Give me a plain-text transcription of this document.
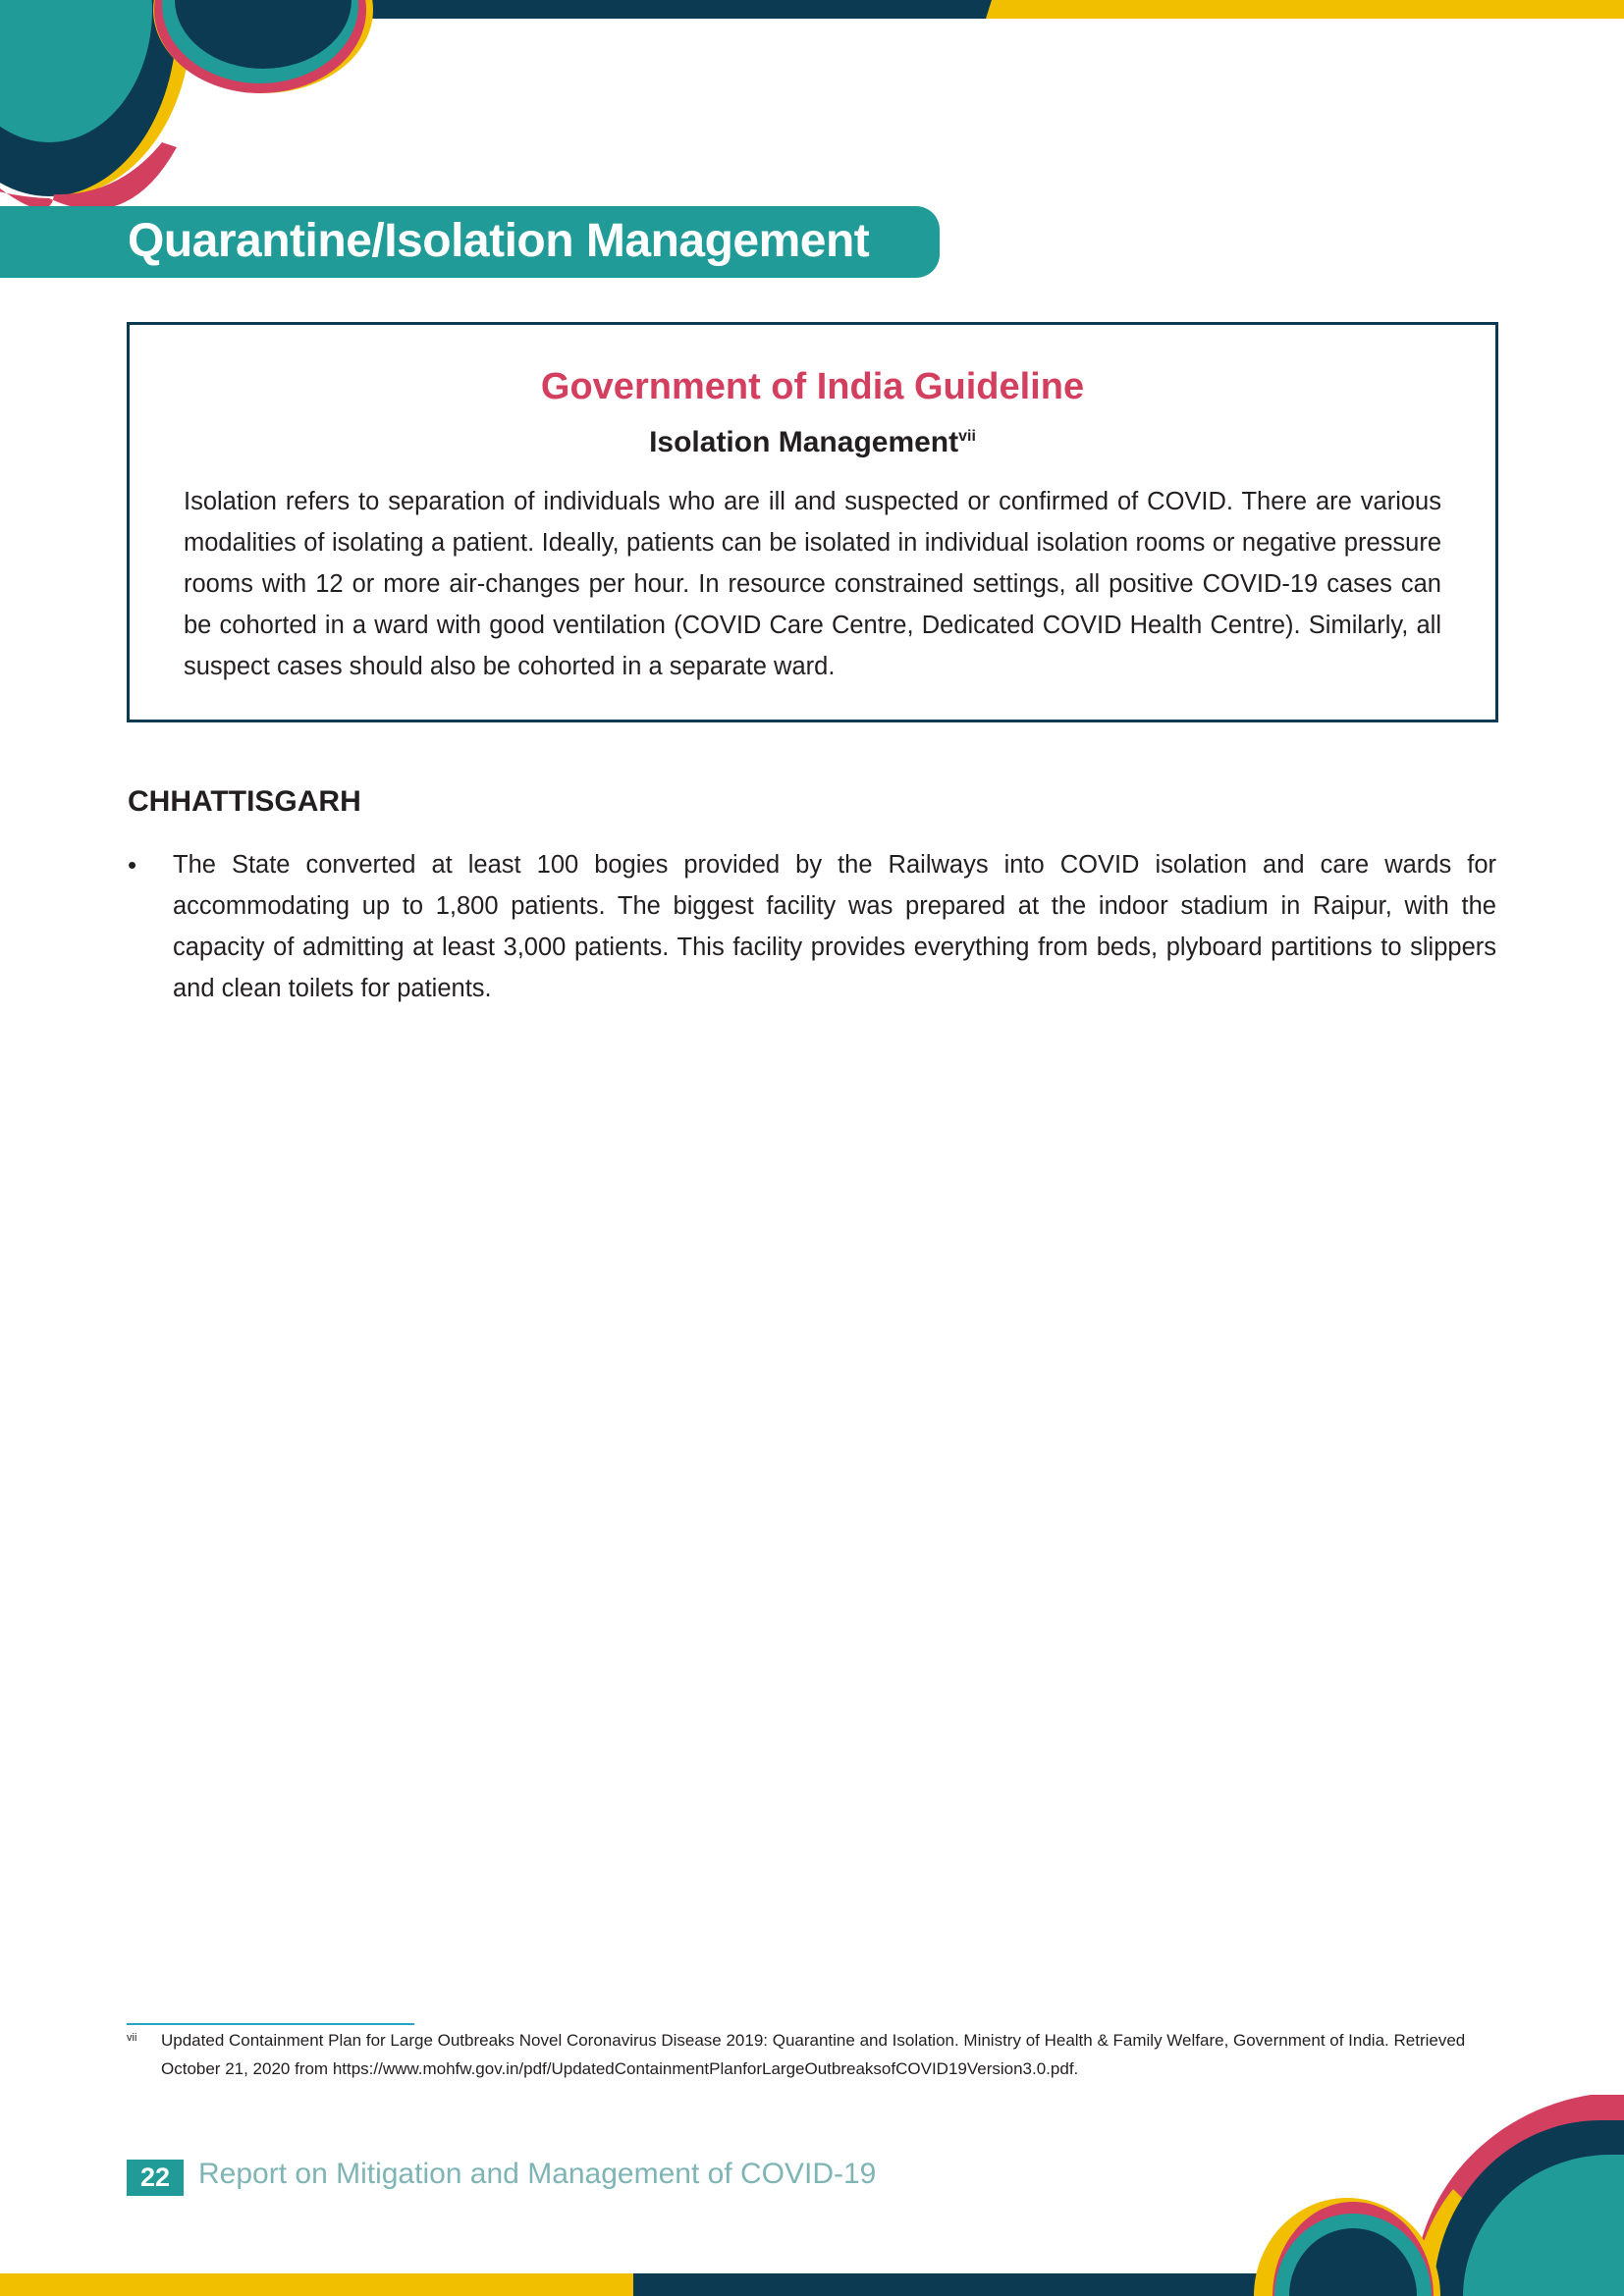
Quarantine/Isolation Management
Government of India Guideline
Isolation Management$^{vii}$
Isolation refers to separation of individuals who are ill and suspected or confirmed of COVID. There are various modalities of isolating a patient. Ideally, patients can be isolated in individual isolation rooms or negative pressure rooms with 12 or more air-changes per hour. In resource constrained settings, all positive COVID-19 cases can be cohorted in a ward with good ventilation (COVID Care Centre, Dedicated COVID Health Centre). Similarly, all suspect cases should also be cohorted in a separate ward.
CHHATTISGARH
• The State converted at least 100 bogies provided by the Railways into COVID isolation and care wards for accommodating up to 1,800 patients. The biggest facility was prepared at the indoor stadium in Raipur, with the capacity of admitting at least 3,000 patients. This facility provides everything from beds, plyboard partitions to slippers and clean toilets for patients.
vii Updated Containment Plan for Large Outbreaks Novel Coronavirus Disease 2019: Quarantine and Isolation. Ministry of Health & Family Welfare, Government of India. Retrieved October 21, 2020 from https://www.mohfw.gov.in/pdf/UpdatedContainmentPlanforLargeOutbreaksofCOVID19Version3.0.pdf.
22 Report on Mitigation and Management of COVID-19
